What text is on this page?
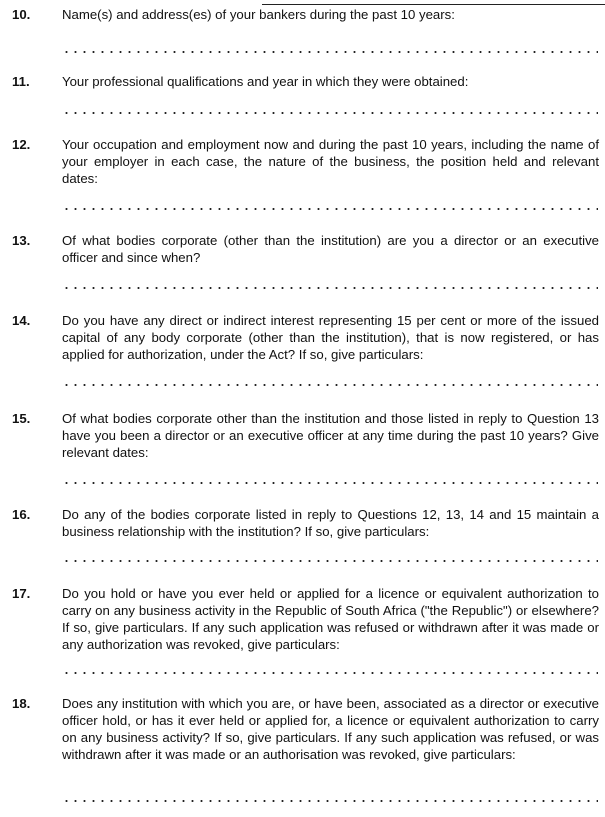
10. Name(s) and address(es) of your bankers during the past 10 years:
11. Your professional qualifications and year in which they were obtained:
12. Your occupation and employment now and during the past 10 years, including the name of your employer in each case, the nature of the business, the position held and relevant dates:
13. Of what bodies corporate (other than the institution) are you a director or an executive officer and since when?
14. Do you have any direct or indirect interest representing 15 per cent or more of the issued capital of any body corporate (other than the institution), that is now registered, or has applied for authorization, under the Act? If so, give particulars:
15. Of what bodies corporate other than the institution and those listed in reply to Question 13 have you been a director or an executive officer at any time during the past 10 years? Give relevant dates:
16. Do any of the bodies corporate listed in reply to Questions 12, 13, 14 and 15 maintain a business relationship with the institution? If so, give particulars:
17. Do you hold or have you ever held or applied for a licence or equivalent authorization to carry on any business activity in the Republic of South Africa ("the Republic") or elsewhere? If so, give particulars. If any such application was refused or withdrawn after it was made or any authorization was revoked, give particulars:
18. Does any institution with which you are, or have been, associated as a director or executive officer hold, or has it ever held or applied for, a licence or equivalent authorization to carry on any business activity? If so, give particulars. If any such application was refused, or was withdrawn after it was made or an authorisation was revoked, give particulars:
